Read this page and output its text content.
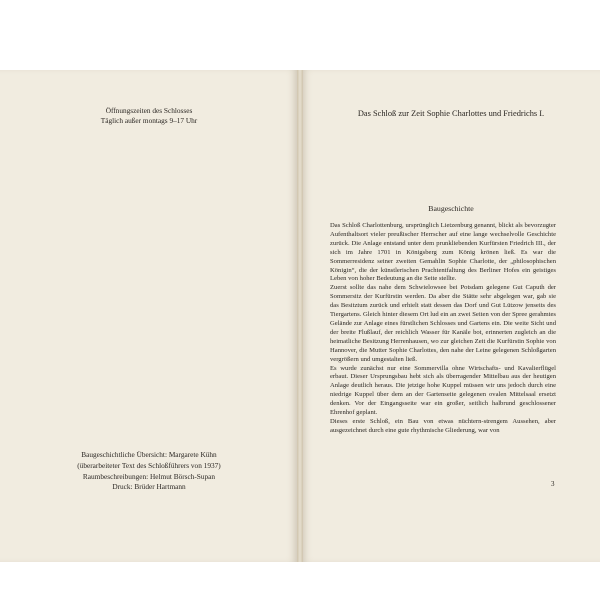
Öffnungszeiten des Schlosses
Täglich außer montags 9–17 Uhr
Baugeschichtliche Übersicht: Margarete Kühn
(überarbeiteter Text des Schloßführers von 1937)
Raumbeschreibungen: Helmut Börsch-Supan
Druck: Brüder Hartmann
Das Schloß zur Zeit Sophie Charlottes und Friedrichs I.
Baugeschichte

Das Schloß Charlottenburg, ursprünglich Lietzenburg genannt, blickt als bevorzugter Aufenthaltsort vieler preußischer Herrscher auf eine lange wechselvolle Geschichte zurück. Die Anlage entstand unter dem prunkliebenden Kurfürsten Friedrich III., der sich im Jahre 1701 in Königsberg zum König krönen ließ. Es war die Sommerresidenz seiner zweiten Gemahlin Sophie Charlotte, der „philosophischen Königin“, die der künstlerischen Prachtentfaltung des Berliner Hofes ein geistiges Leben von hoher Bedeutung an die Seite stellte.

Zuerst sollte das nahe dem Schwielowsee bei Potsdam gelegene Gut Caputh der Sommersitz der Kurfürstin werden. Da aber die Stätte sehr abgelegen war, gab sie das Besitztum zurück und erhielt statt dessen das Dorf und Gut Lützow jenseits des Tiergartens. Gleich hinter diesem Ort lud ein an zwei Seiten von der Spree gerahmtes Gelände zur Anlage eines fürstlichen Schlosses und Gartens ein. Die weite Sicht und der breite Flußlauf, der reichlich Wasser für Kanäle bot, erinnerten zugleich an die heimatliche Besitzung Herrenhausen, wo zur gleichen Zeit die Kurfürstin Sophie von Hannover, die Mutter Sophie Charlottes, den nahe der Leine gelegenen Schloßgarten vergrößern und umgestalten ließ.

Es wurde zunächst nur eine Sommervilla ohne Wirtschafts- und Kavalierflügel erbaut. Dieser Ursprungsbau hebt sich als überragender Mittelbau aus der heutigen Anlage deutlich heraus. Die jetzige hohe Kuppel müssen wir uns jedoch durch eine niedrige Kuppel über dem an der Gartenseite gelegenen ovalen Mittelsaal ersetzt denken. Vor der Eingangsseite war ein großer, seitlich halbrund geschlossener Ehrenhof geplant.

Dieses erste Schloß, ein Bau von etwas nüchtern-strengem Aussehen, aber ausgezeichnet durch eine gute rhythmische Gliederung, war von

3
